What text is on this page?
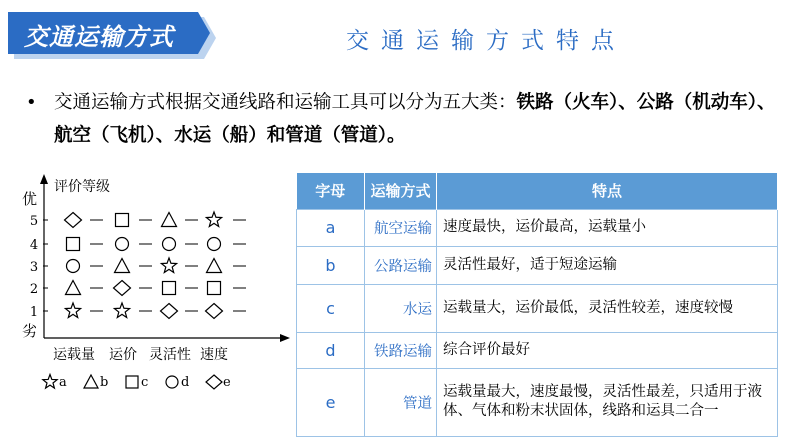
交通运输方式	交通运输方式特点
• 交通运输方式根据交通线路和运输工具可以分为五大类：铁路（火车）、公路（机动车）、航空（飞机）、水运（船）和管道（管道）。
优
劣
评价等级
5
4
3
2
1
运载量 运价 灵活性 速度
a	b	c	d	e
字母	运输方式	特点
a	航空运输	速度最快，运价最高，运载量小
b	公路运输	灵活性最好，适于短途运输
c	水运	运载量大，运价最低，灵活性较差，速度较慢
d	铁路运输	综合评价最好
e	管道	运载量最大，速度最慢，灵活性最差，只适用于液体、气体和粉末状固体，线路和运具二合一
